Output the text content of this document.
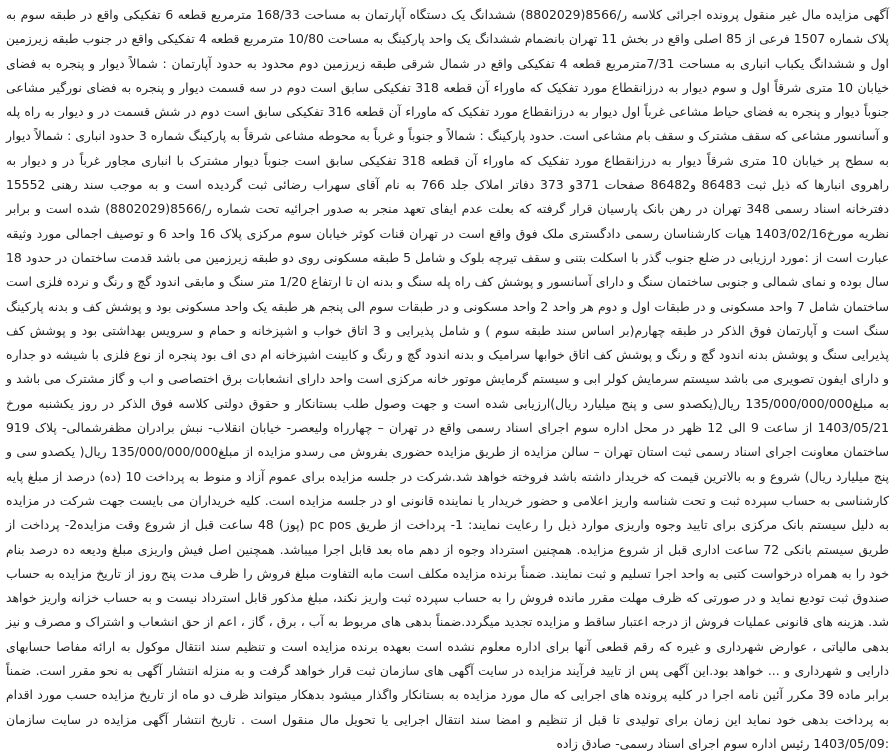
آگهی مزایده مال غیر منقول پرونده اجرائی کلاسه ر/8566(8802029) ششدانگ یک دستگاه آپارتمان به مساحت 168/33 مترمربع قطعه 6 تفکیکی واقع در طبقه سوم به پلاک شماره 1507 فرعی از 85 اصلی واقع در بخش 11 تهران بانضمام ششدانگ یک واحد پارکینگ به مساحت 10/80 مترمربع قطعه 4 تفکیکی واقع در جنوب طبقه زیرزمین اول و ششدانگ یکباب انباری به مساحت 7/31مترمربع قطعه 4 تفکیکی واقع در شمال شرقی طبقه زیرزمین دوم محدود به حدود آپارتمان : شمالاً دیوار و پنجره به فضای خیابان 10 متری شرقاً اول و سوم دیوار به درزانقطاع مورد تفکیک که ماوراء آن قطعه 318 تفکیکی سابق است دوم در سه قسمت دیوار و پنجره به فضای نورگیر مشاعی جنوباً دیوار و پنجره به فضای حیاط مشاعی غرباً اول دیوار به درزانقطاع مورد تفکیک که ماوراء آن قطعه 316 تفکیکی سابق است دوم در شش قسمت در و دیوار به راه پله و آسانسور مشاعی که سقف مشترک و سقف بام مشاعی است. حدود پارکینگ : شمالاً و جنوباً و غرباً به محوطه مشاعی شرقاً به پارکینگ شماره 3 حدود انباری : شمالاً دیوار به سطح پر خیابان 10 متری شرقاً دیوار به درزانقطاع مورد تفکیک که ماوراء آن قطعه 318 تفکیکی سابق است جنوباً دیوار مشترک با انباری مجاور غرباً در و دیوار به راهروی انبارها که ذیل ثبت 86483 و86482 صفحات 371و 373 دفاتر املاک جلد 766 به نام آقای سهراب رضائی ثبت گردیده است و به موجب سند رهنی 15552 دفترخانه اسناد رسمی 348 تهران در رهن بانک پارسیان قرار گرفته که بعلت عدم ایفای تعهد منجر به صدور اجرائیه تحت شماره ر/8566(8802029) شده است و برابر نظریه مورخ1403/02/16 هیات کارشناسان رسمی دادگستری ملک فوق واقع است در تهران قنات کوثر خیابان سوم مرکزی پلاک 16 واحد 6 و توصیف اجمالی مورد وثیقه عبارت است از :مورد ارزیابی در ضلع جنوب گذر با اسکلت بتنی و سقف تیرچه بلوک و شامل 5 طبقه مسکونی روی دو طبقه زیرزمین می باشد قدمت ساختمان در حدود 18 سال بوده و نمای شمالی و جنوبی ساختمان سنگ و دارای آسانسور و پوشش کف راه پله سنگ و بدنه ان تا ارتفاع 1/20 متر سنگ و مابقی اندود گچ و رنگ و نرده فلزی است ساختمان شامل 7 واحد مسکونی و در طبقات اول و دوم هر واحد 2 واحد مسکونی و در طبقات سوم الی پنجم هر طبقه یک واحد مسکونی بود و پوشش کف و بدنه پارکینگ سنگ است و آپارتمان فوق الذکر در طبقه چهارم(بر اساس سند طبقه سوم ) و شامل پذیرایی و 3 اتاق خواب و اشپزخانه و حمام و سرویس بهداشتی بود و پوشش کف پذیرایی سنگ و پوشش بدنه اندود گچ و رنگ و پوشش کف اتاق خوابها سرامیک و بدنه اندود گچ و رنگ و کابینت اشپزخانه ام دی اف بود پنجره از نوع فلزی با شیشه دو جداره و دارای ایفون تصویری می باشد سیستم سرمایش کولر ابی و سیستم گرمایش موتور خانه مرکزی است واحد دارای انشعابات برق اختصاصی و اب و گاز مشترک می باشد و به مبلغ135/000/000/000 ریال(یکصدو سی و پنج میلیارد ریال)ارزیابی شده است و جهت وصول طلب بستانکار و حقوق دولتی کلاسه فوق الذکر در روز یکشنبه مورخ 1403/05/21 از ساعت 9 الی 12 ظهر در محل اداره سوم اجرای اسناد رسمی واقع در تهران – چهارراه ولیعصر- خیابان انقلاب- نبش برادران مظفرشمالی- پلاک 919 ساختمان معاونت اجرای اسناد رسمی ثبت استان تهران – سالن مزایده از طریق مزایده حضوری بفروش می رسدو مزایده از مبلغ135/000/000/000 ریال( یکصدو سی و پنج میلیارد ریال) شروع و به بالاترین قیمت که خریدار داشته باشد فروخته خواهد شد.شرکت در جلسه مزایده برای عموم آزاد و منوط به پرداخت 10 (ده) درصد از مبلغ پایه کارشناسی به حساب سپرده ثبت و تحت شناسه واریز اعلامی و حضور خریدار یا نماینده قانونی او در جلسه مزایده است. کلیه خریداران می بایست جهت شرکت در مزایده به دلیل سیستم بانک مرکزی برای تایید وجوه واریزی موارد ذیل را رعایت نمایند: 1- پرداخت از طریق pc pos (پوز) 48 ساعت قبل از شروع وقت مزایده2- پرداخت از طریق سیستم بانکی 72 ساعت اداری قبل از شروع مزایده. همچنین استرداد وجوه از دهم ماه بعد قابل اجرا میباشد. همچنین اصل فیش واریزی مبلغ ودیعه ده درصد بنام خود را به همراه درخواست کتبی به واحد اجرا تسلیم و ثبت نمایند. ضمناً برنده مزایده مکلف است مابه التفاوت مبلغ فروش را ظرف مدت پنج روز از تاریخ مزایده به حساب صندوق ثبت تودیع نماید و در صورتی که ظرف مهلت مقرر مانده فروش را به حساب سپرده ثبت واریز نکند، مبلغ مذکور قابل استرداد نیست و به حساب خزانه واریز خواهد شد. هزینه های قانونی عملیات فروش از درجه اعتبار ساقط و مزایده تجدید میگردد.ضمناً بدهی های مربوط به آب ، برق ، گاز ، اعم از حق انشعاب و اشتراک و مصرف و نیز بدهی مالیاتی ، عوارض شهرداری و غیره که رقم قطعی آنها برای اداره معلوم نشده است بعهده برنده مزایده است و تنظیم سند انتقال موکول به ارائه مفاصا حسابهای دارایی و شهرداری و ... خواهد بود.این آگهی پس از تایید فرآیند مزایده در سایت آگهی های سازمان ثبت قرار خواهد گرفت و به منزله انتشار آگهی به نحو مقرر است. ضمناً برابر ماده 39 مکرر آئین نامه اجرا در کلیه پرونده های اجرایی که مال مورد مزایده به بستانکار واگذار میشود بدهکار میتواند ظرف دو ماه از تاریخ مزایده حسب مورد اقدام به پرداخت بدهی خود نماید این زمان برای تولیدی تا قبل از تنظیم و امضا سند انتقال اجرایی یا تحویل مال منقول است . تاریخ انتشار آگهی مزایده در سایت سازمان :1403/05/09 رئیس اداره سوم اجرای اسناد رسمی- صادق زاده
